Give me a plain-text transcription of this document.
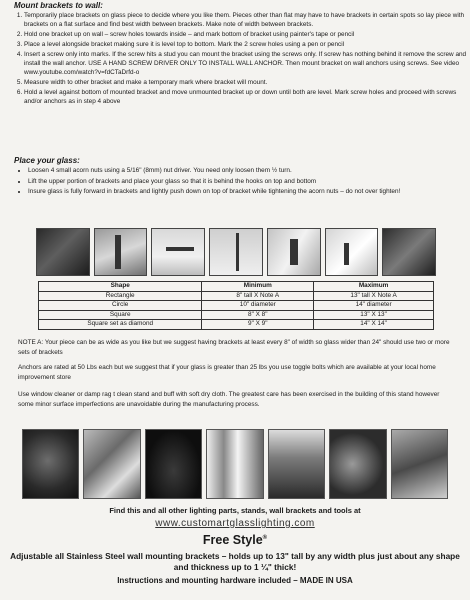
Mount brackets to wall:
1. Temporarily place brackets on glass piece to decide where you like them. Pieces other than flat may have to have brackets in certain spots so lay piece with brackets on a flat surface and find best width between brackets. Make note of width between brackets.
2. Hold one bracket up on wall – screw holes towards inside – and mark bottom of bracket using painter's tape or pencil
3. Place a level alongside bracket making sure it is level top to bottom. Mark the 2 screw holes using a pen or pencil
4. Insert a screw only into marks. If the screw hits a stud you can mount the bracket using the screws only. If screw has nothing behind it remove the screw and install the wall anchor. USE A HAND SCREW DRIVER ONLY TO INSTALL WALL ANCHOR. Then mount bracket on wall anchors using screws. See video www.youtube.com/watch?v=fdCTaDrfd-o
5. Measure width to other bracket and make a temporary mark where bracket will mount.
6. Hold a level against bottom of mounted bracket and move unmounted bracket up or down until both are level. Mark screw holes and proceed with screws and/or anchors as in step 4 above
Place your glass:
• Loosen 4 small acorn nuts using a 5/16" (8mm) nut driver. You need only loosen them ½ turn.
• Lift the upper portion of brackets and place your glass so that it is behind the hooks on top and bottom
• Insure glass is fully forward in brackets and lightly push down on top of bracket while tightening the acorn nuts – do not over tighten!
Shape	Minimum	Maximum
Rectangle	8" tall X Note A	13" tall X Note A
Circle	10" diameter	14" diameter
Square	8" X 8"	13" X 13"
Square set as diamond	9" X 9"	14" X 14"

NOTE A: Your piece can be as wide as you like but we suggest having brackets at least every 8" of width so glass wider than 24" should use two or more sets of brackets

Anchors are rated at 50 Lbs each but we suggest that if your glass is greater than 25 lbs you use toggle bolts which are available at your local home improvement store

Use window cleaner or damp rag t clean stand and buff with soft dry cloth. The greatest care has been exercised in the building of this stand however some minor surface imperfections are unavoidable during the manufacturing process.

Find this and all other lighting parts, stands, wall brackets and tools at

www.customartglasslighting.com

Free Style®

Adjustable all Stainless Steel wall mounting brackets – holds up to 13" tall by any width plus just about any shape and thickness up to 1 ¼" thick!

Instructions and mounting hardware included – MADE IN USA
